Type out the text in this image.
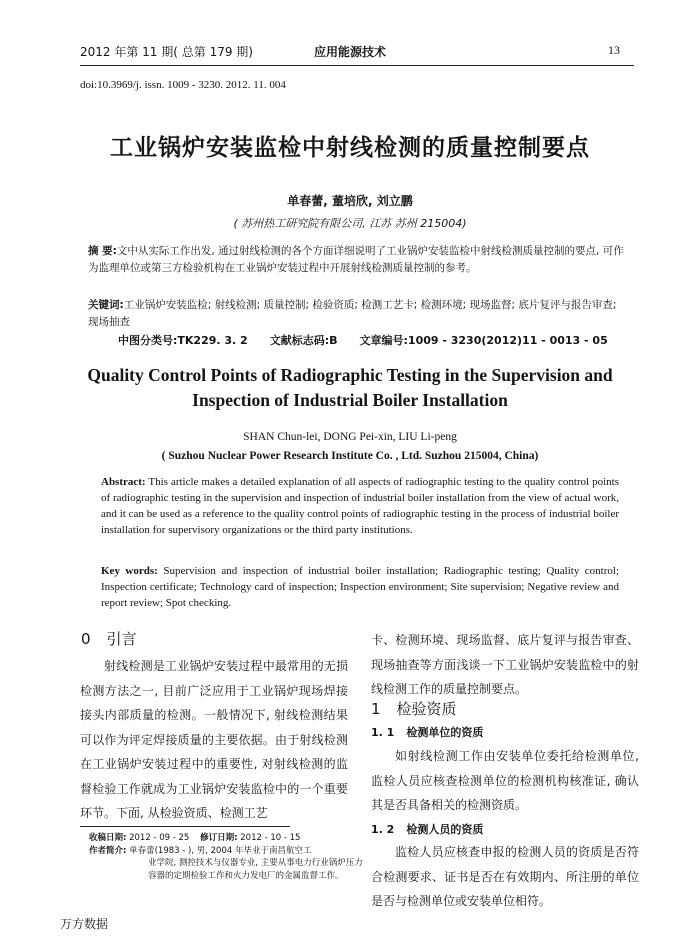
2012 年第 11 期( 总第 179 期)	应用能源技术	13
doi:10.3969/j. issn. 1009 - 3230. 2012. 11. 004
工业锅炉安装监检中射线检测的质量控制要点
单春蕾, 董培欣, 刘立鹏
( 苏州热工研究院有限公司, 江苏 苏州 215004)
摘 要:文中从实际工作出发, 通过射线检测的各个方面详细说明了工业锅炉安装监检中射线检测质量控制的要点, 可作为监理单位或第三方检验机构在工业锅炉安装过程中开展射线检测质量控制的参考。
关键词:工业锅炉安装监检; 射线检测; 质量控制; 检验资质; 检测工艺卡; 检测环境; 现场监督; 底片复评与报告审查; 现场抽查
中图分类号:TK229. 3. 2 文献标志码:B 文章编号:1009 - 3230(2012)11 - 0013 - 05
Quality Control Points of Radiographic Testing in the Supervision and Inspection of Industrial Boiler Installation
SHAN Chun-lei, DONG Pei-xin, LIU Li-peng
( Suzhou Nuclear Power Research Institute Co. , Ltd. Suzhou 215004, China)
Abstract: This article makes a detailed explanation of all aspects of radiographic testing to the quality control points of radiographic testing in the supervision and inspection of industrial boiler installation from the view of actual work, and it can be used as a reference to the quality control points of radiographic testing in the process of industrial boiler installation for supervisory organizations or the third party institutions.
Key words: Supervision and inspection of industrial boiler installation; Radiographic testing; Quality control; Inspection certificate; Technology card of inspection; Inspection environment; Site supervision; Negative review and report review; Spot checking.
0 引言
射线检测是工业锅炉安装过程中最常用的无损检测方法之一, 目前广泛应用于工业锅炉现场焊接接头内部质量的检测。一般情况下, 射线检测结果可以作为评定焊接质量的主要依据。由于射线检测在工业锅炉安装过程中的重要性, 对射线检测的监督检验工作就成为工业锅炉安装监检中的一个重要环节。下面, 从检验资质、检测工艺
收稿日期: 2012 - 09 - 25 修订日期: 2012 - 10 - 15
作者简介: 单春蕾(1983 - ), 男, 2004 年毕业于南昌航空工
业学院, 测控技术与仪器专业, 主要从事电力行业锅炉压力容器的定期检验工作和火力发电厂的金属监督工作。
万方数据
卡、检测环境、现场监督、底片复评与报告审查、现场抽查等方面浅谈一下工业锅炉安装监检中的射线检测工作的质量控制要点。
1 检验资质
1. 1 检测单位的资质
如射线检测工作由安装单位委托给检测单位, 监检人员应核查检测单位的检测机构核准证, 确认其是否具备相关的检测资质。
1. 2 检测人员的资质
监检人员应核查申报的检测人员的资质是否符合检测要求、证书是否在有效期内、所注册的单位是否与检测单位或安装单位相符。
